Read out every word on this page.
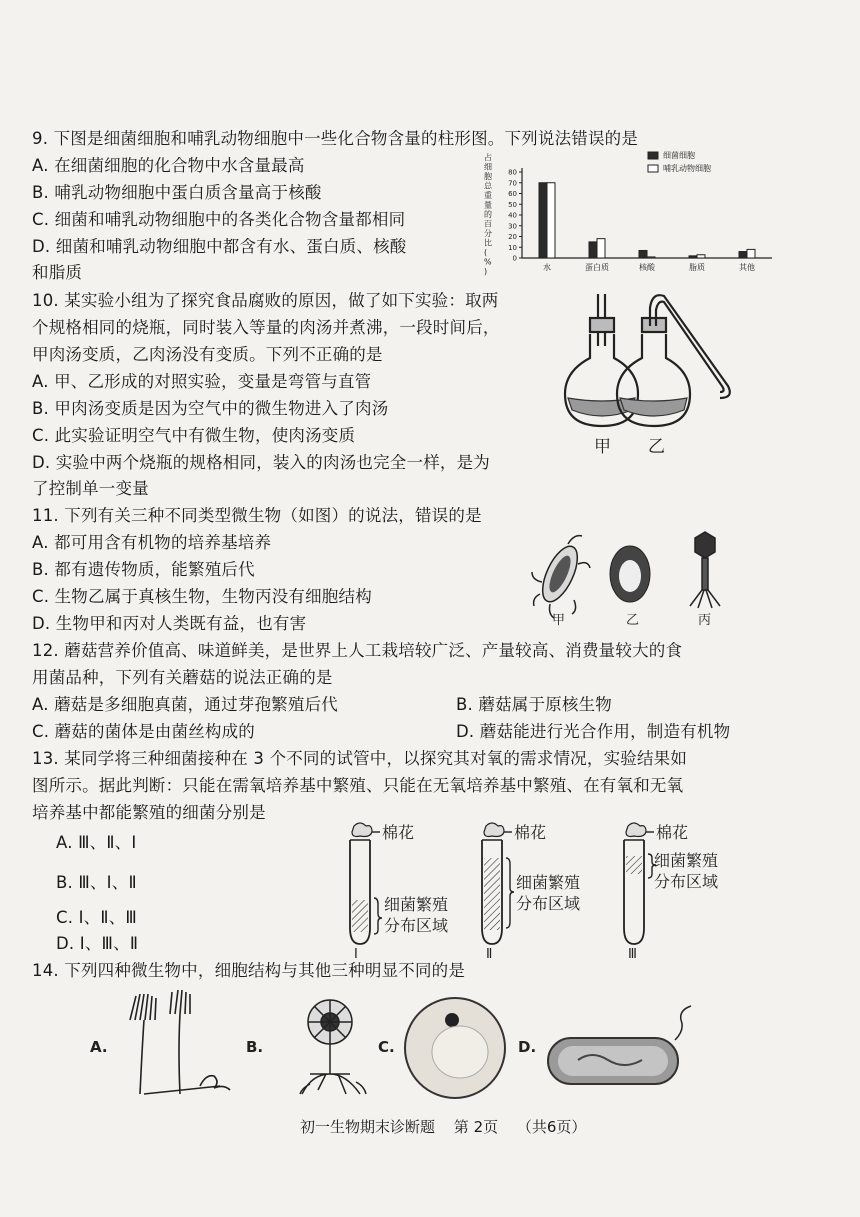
9. 下图是细菌细胞和哺乳动物细胞中一些化合物含量的柱形图。下列说法错误的是
A. 在细菌细胞的化合物中水含量最高
B. 哺乳动物细胞中蛋白质含量高于核酸
C. 细菌和哺乳动物细胞中的各类化合物含量都相同
D. 细菌和哺乳动物细胞中都含有水、蛋白质、核酸
和脂质
占
细
胞
总
重
量
的
百
分
比
(
%
)
0
10
20
30
40
50
60
70
80
水	蛋白质	核酸	脂质	其他
细菌细胞
哺乳动物细胞
10. 某实验小组为了探究食品腐败的原因，做了如下实验：取两
个规格相同的烧瓶，同时装入等量的肉汤并煮沸，一段时间后，
甲肉汤变质，乙肉汤没有变质。下列不正确的是
A. 甲、乙形成的对照实验，变量是弯管与直管
B. 甲肉汤变质是因为空气中的微生物进入了肉汤
C. 此实验证明空气中有微生物，使肉汤变质
D. 实验中两个烧瓶的规格相同，装入的肉汤也完全一样，是为
了控制单一变量
甲 乙
11. 下列有关三种不同类型微生物（如图）的说法，错误的是
A. 都可用含有机物的培养基培养
B. 都有遗传物质，能繁殖后代
C. 生物乙属于真核生物，生物丙没有细胞结构
D. 生物甲和丙对人类既有益，也有害	甲	乙	丙
12. 蘑菇营养价值高、味道鲜美，是世界上人工栽培较广泛、产量较高、消费量较大的食
用菌品种，下列有关蘑菇的说法正确的是
A. 蘑菇是多细胞真菌，通过芽孢繁殖后代	B. 蘑菇属于原核生物
C. 蘑菇的菌体是由菌丝构成的	D. 蘑菇能进行光合作用，制造有机物
13. 某同学将三种细菌接种在 3 个不同的试管中，以探究其对氧的需求情况，实验结果如
图所示。据此判断：只能在需氧培养基中繁殖、只能在无氧培养基中繁殖、在有氧和无氧
培养基中都能繁殖的细菌分别是
A. Ⅲ、Ⅱ、Ⅰ
B. Ⅲ、Ⅰ、Ⅱ
C. Ⅰ、Ⅱ、Ⅲ
D. Ⅰ、Ⅲ、Ⅱ
棉花
细菌繁殖
分布区域
Ⅰ
棉花
细菌繁殖
分布区域
Ⅱ
棉花
细菌繁殖
分布区域
Ⅲ
14. 下列四种微生物中，细胞结构与其他三种明显不同的是
A.	B.	C.	D.
初一生物期末诊断题 第 2页 （共6页）
